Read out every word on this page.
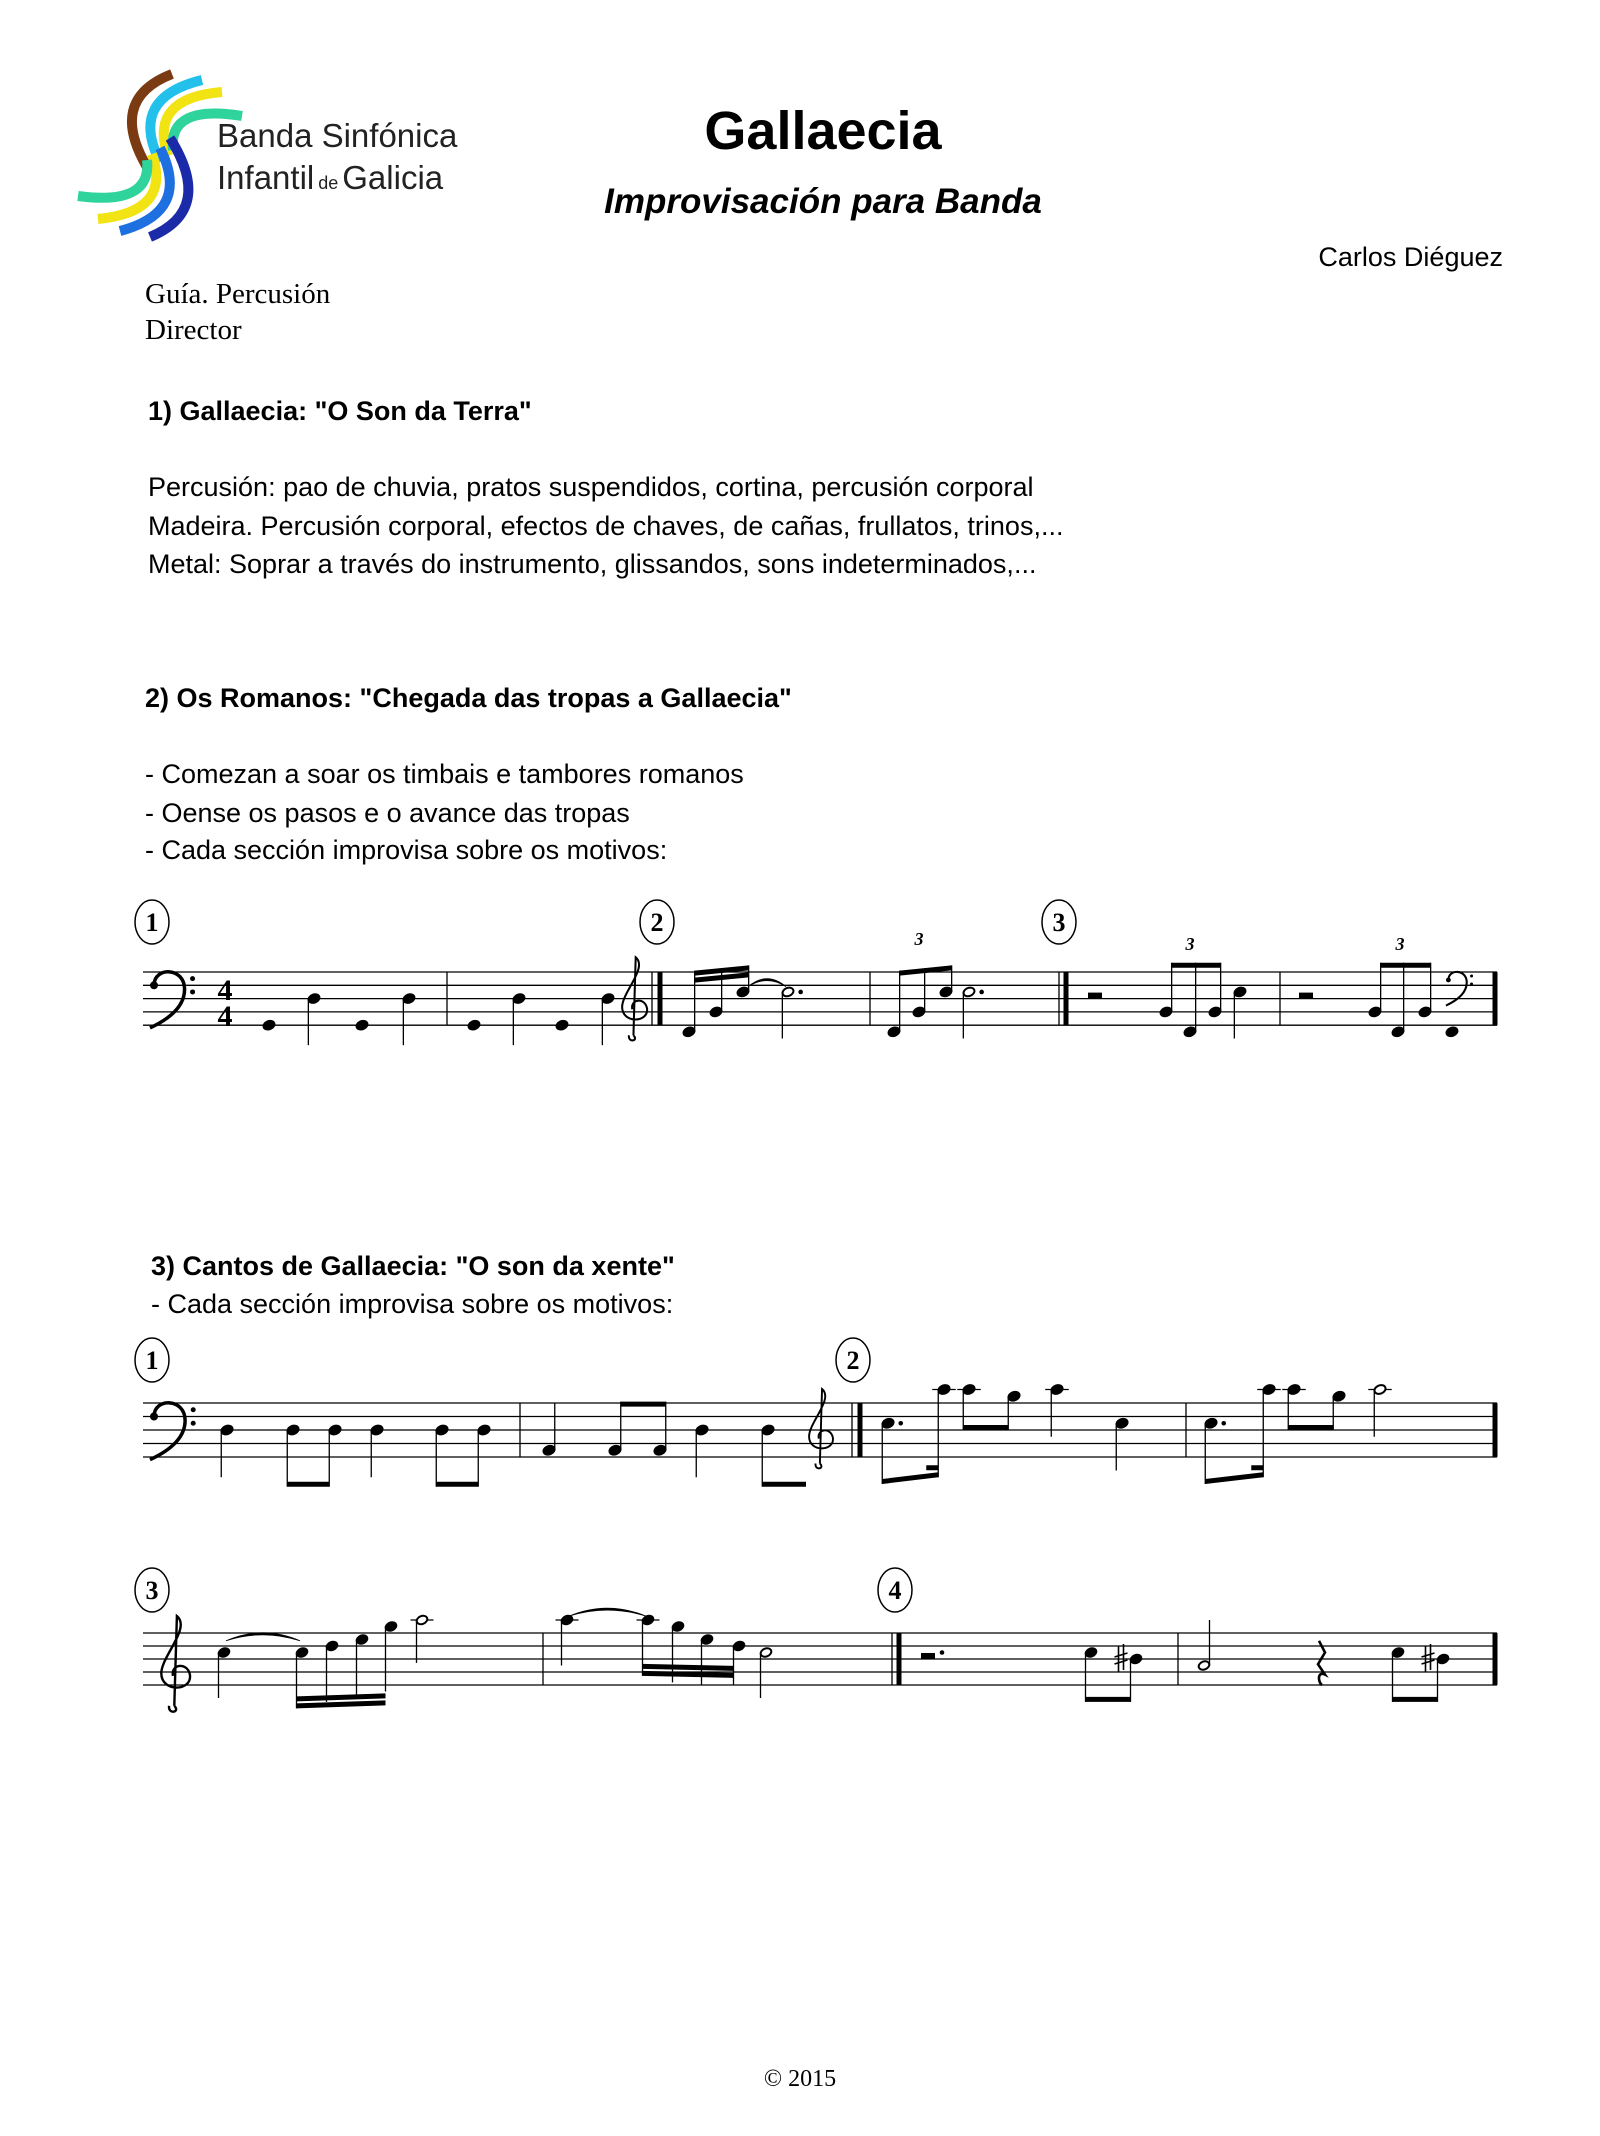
Banda Sinfónica
Infantil de Galicia
Gallaecia
Improvisación para Banda
Carlos Diéguez
Guía. Percusión
Director
1) Gallaecia: "O Son da Terra"
Percusión: pao de chuvia, pratos suspendidos, cortina, percusión corporal
Madeira. Percusión corporal, efectos de chaves, de cañas, frullatos, trinos,...
Metal: Soprar a través do instrumento, glissandos, sons indeterminados,...
2) Os Romanos: "Chegada das tropas a Gallaecia"
- Comezan a soar os timbais e tambores romanos
- Oense os pasos e o avance das tropas
- Cada sección improvisa sobre os motivos:
3) Cantos de Gallaecia: "O son da xente"
- Cada sección improvisa sobre os motivos:
© 2015
1	2	3
1	2
3	4
4
4
3	3	3
